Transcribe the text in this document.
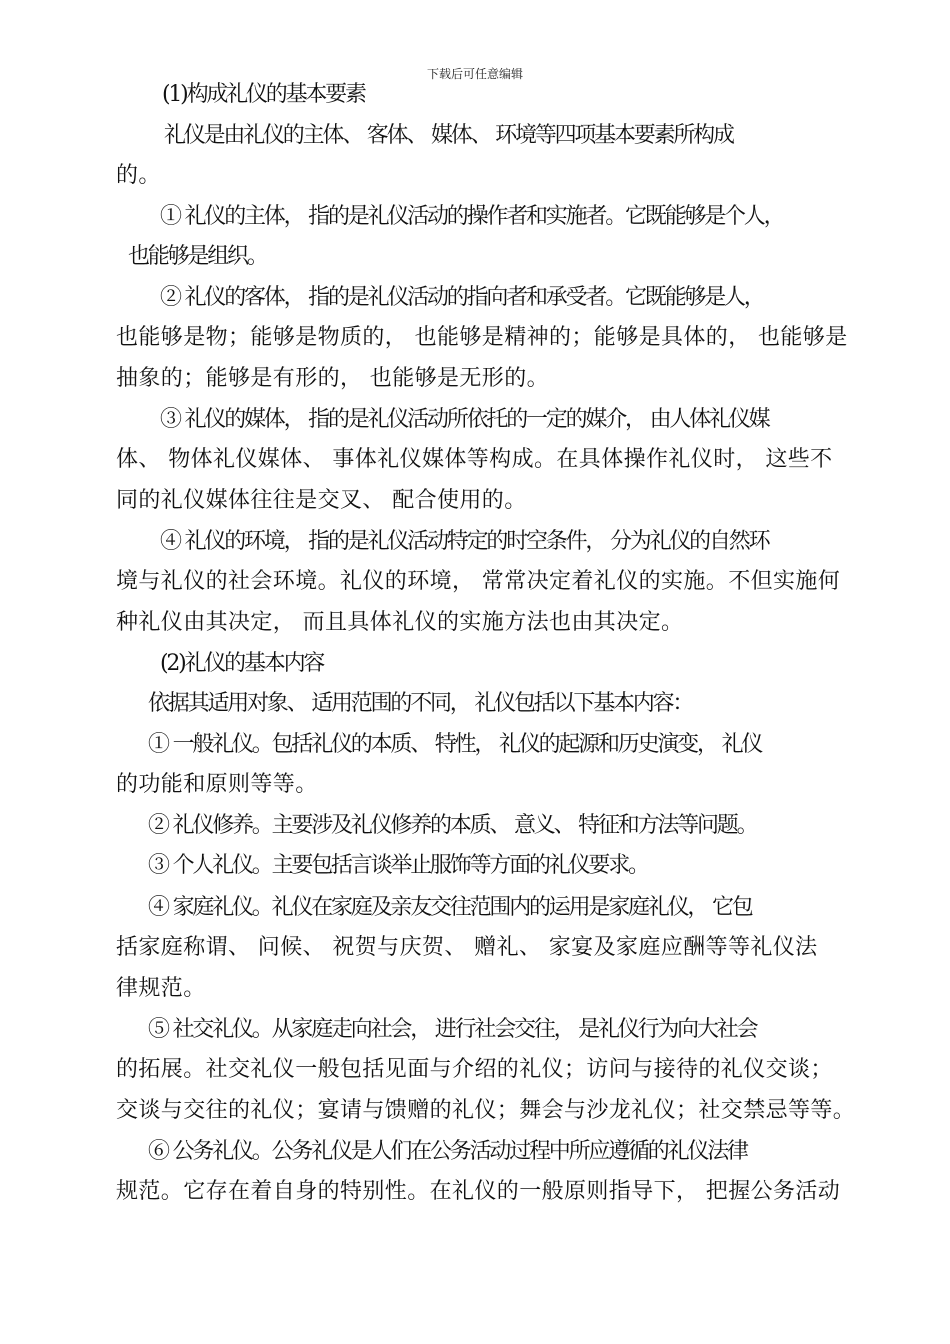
下载后可任意编辑
(1)构成礼仪的基本要素
礼仪是由礼仪的主体、 客体、 媒体、 环境等四项基本要素所构成
的。
① 礼仪的主体， 指的是礼仪活动的操作者和实施者。它既能够是个人，
也能够是组织。
② 礼仪的客体， 指的是礼仪活动的指向者和承受者。它既能够是人，
也能够是物；能够是物质的， 也能够是精神的；能够是具体的， 也能够是
抽象的；能够是有形的， 也能够是无形的。
③ 礼仪的媒体， 指的是礼仪活动所依托的一定的媒介， 由人体礼仪媒
体、 物体礼仪媒体、 事体礼仪媒体等构成。在具体操作礼仪时， 这些不
同的礼仪媒体往往是交叉、 配合使用的。
④ 礼仪的环境， 指的是礼仪活动特定的时空条件， 分为礼仪的自然环
境与礼仪的社会环境。礼仪的环境， 常常决定着礼仪的实施。不但实施何
种礼仪由其决定， 而且具体礼仪的实施方法也由其决定。
(2)礼仪的基本内容
依据其适用对象、 适用范围的不同， 礼仪包括以下基本内容：
① 一般礼仪。包括礼仪的本质、 特性， 礼仪的起源和历史演变， 礼仪
的功能和原则等等。
② 礼仪修养。主要涉及礼仪修养的本质、 意义、 特征和方法等问题。
③ 个人礼仪。主要包括言谈举止服饰等方面的礼仪要求。
④ 家庭礼仪。礼仪在家庭及亲友交往范围内的运用是家庭礼仪， 它包
括家庭称谓、 问候、 祝贺与庆贺、 赠礼、 家宴及家庭应酬等等礼仪法
律规范。
⑤ 社交礼仪。从家庭走向社会， 进行社会交往， 是礼仪行为向大社会
的拓展。社交礼仪一般包括见面与介绍的礼仪；访问与接待的礼仪交谈；
交谈与交往的礼仪；宴请与馈赠的礼仪；舞会与沙龙礼仪；社交禁忌等等。
⑥ 公务礼仪。公务礼仪是人们在公务活动过程中所应遵循的礼仪法律
规范。它存在着自身的特别性。在礼仪的一般原则指导下， 把握公务活动
